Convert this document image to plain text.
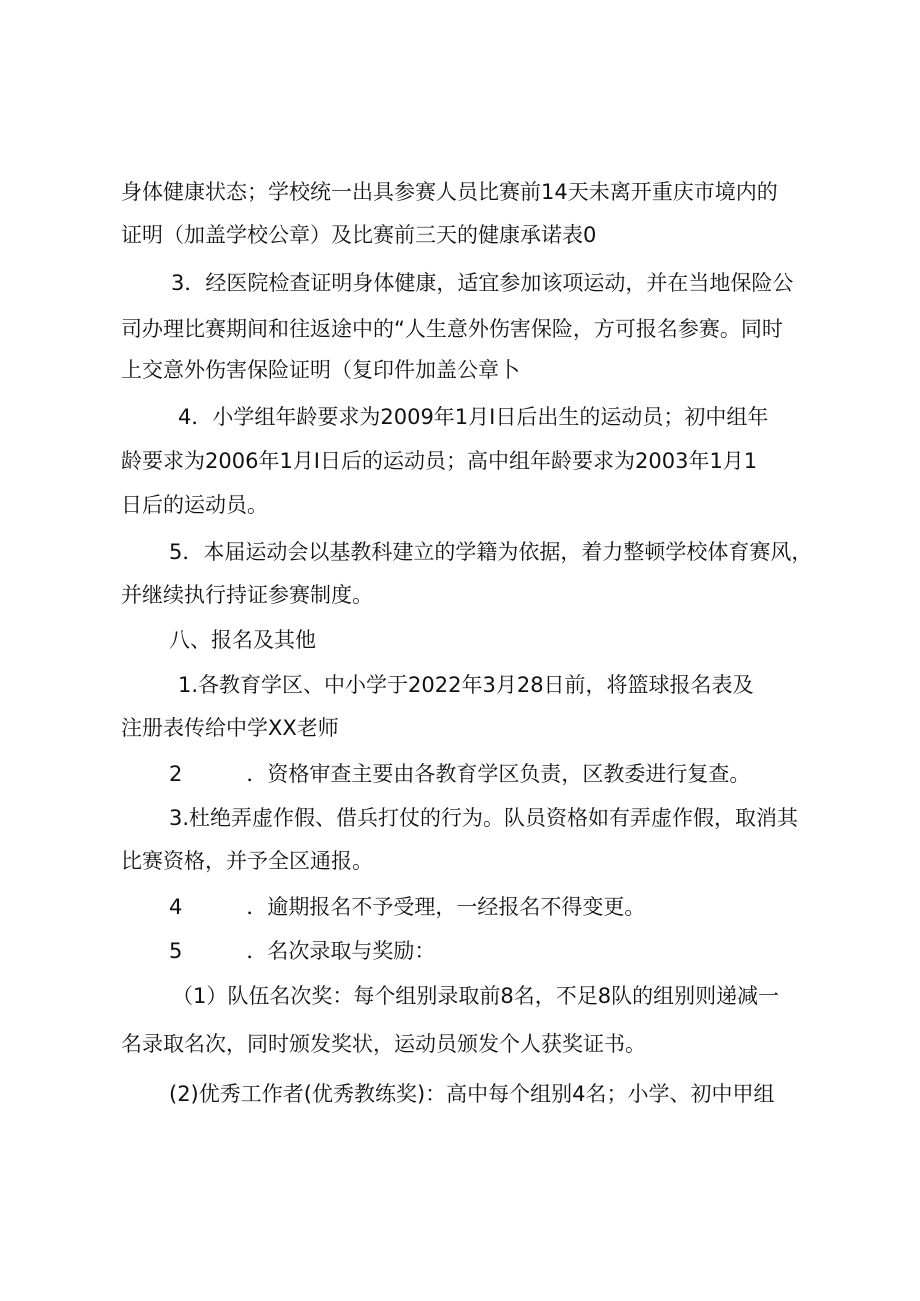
身体健康状态；学校统一出具参赛人员比赛前14天未离开重庆市境内的
证明（加盖学校公章）及比赛前三天的健康承诺表0
3．经医院检查证明身体健康，适宜参加该项运动，并在当地保险公
司办理比赛期间和往返途中的“人生意外伤害保险，方可报名参赛。同时
上交意外伤害保险证明（复印件加盖公章卜
4．小学组年龄要求为2009年1月I日后出生的运动员；初中组年
龄要求为2006年1月I日后的运动员；高中组年龄要求为2003年1月1
日后的运动员。
5．本届运动会以基教科建立的学籍为依据，着力整顿学校体育赛风，
并继续执行持证参赛制度。
八、报名及其他
1.各教育学区、中小学于2022年3月28日前，将篮球报名表及
注册表传给中学XX老师
2	．资格审查主要由各教育学区负责，区教委进行复查。
3.杜绝弄虚作假、借兵打仗的行为。队员资格如有弄虚作假，取消其
比赛资格，并予全区通报。
4	．逾期报名不予受理，一经报名不得变更。
5	．名次录取与奖励：
（1）队伍名次奖：每个组别录取前8名，不足8队的组别则递减一
名录取名次，同时颁发奖状，运动员颁发个人获奖证书。
(2)优秀工作者(优秀教练奖)：高中每个组别4名；小学、初中甲组
